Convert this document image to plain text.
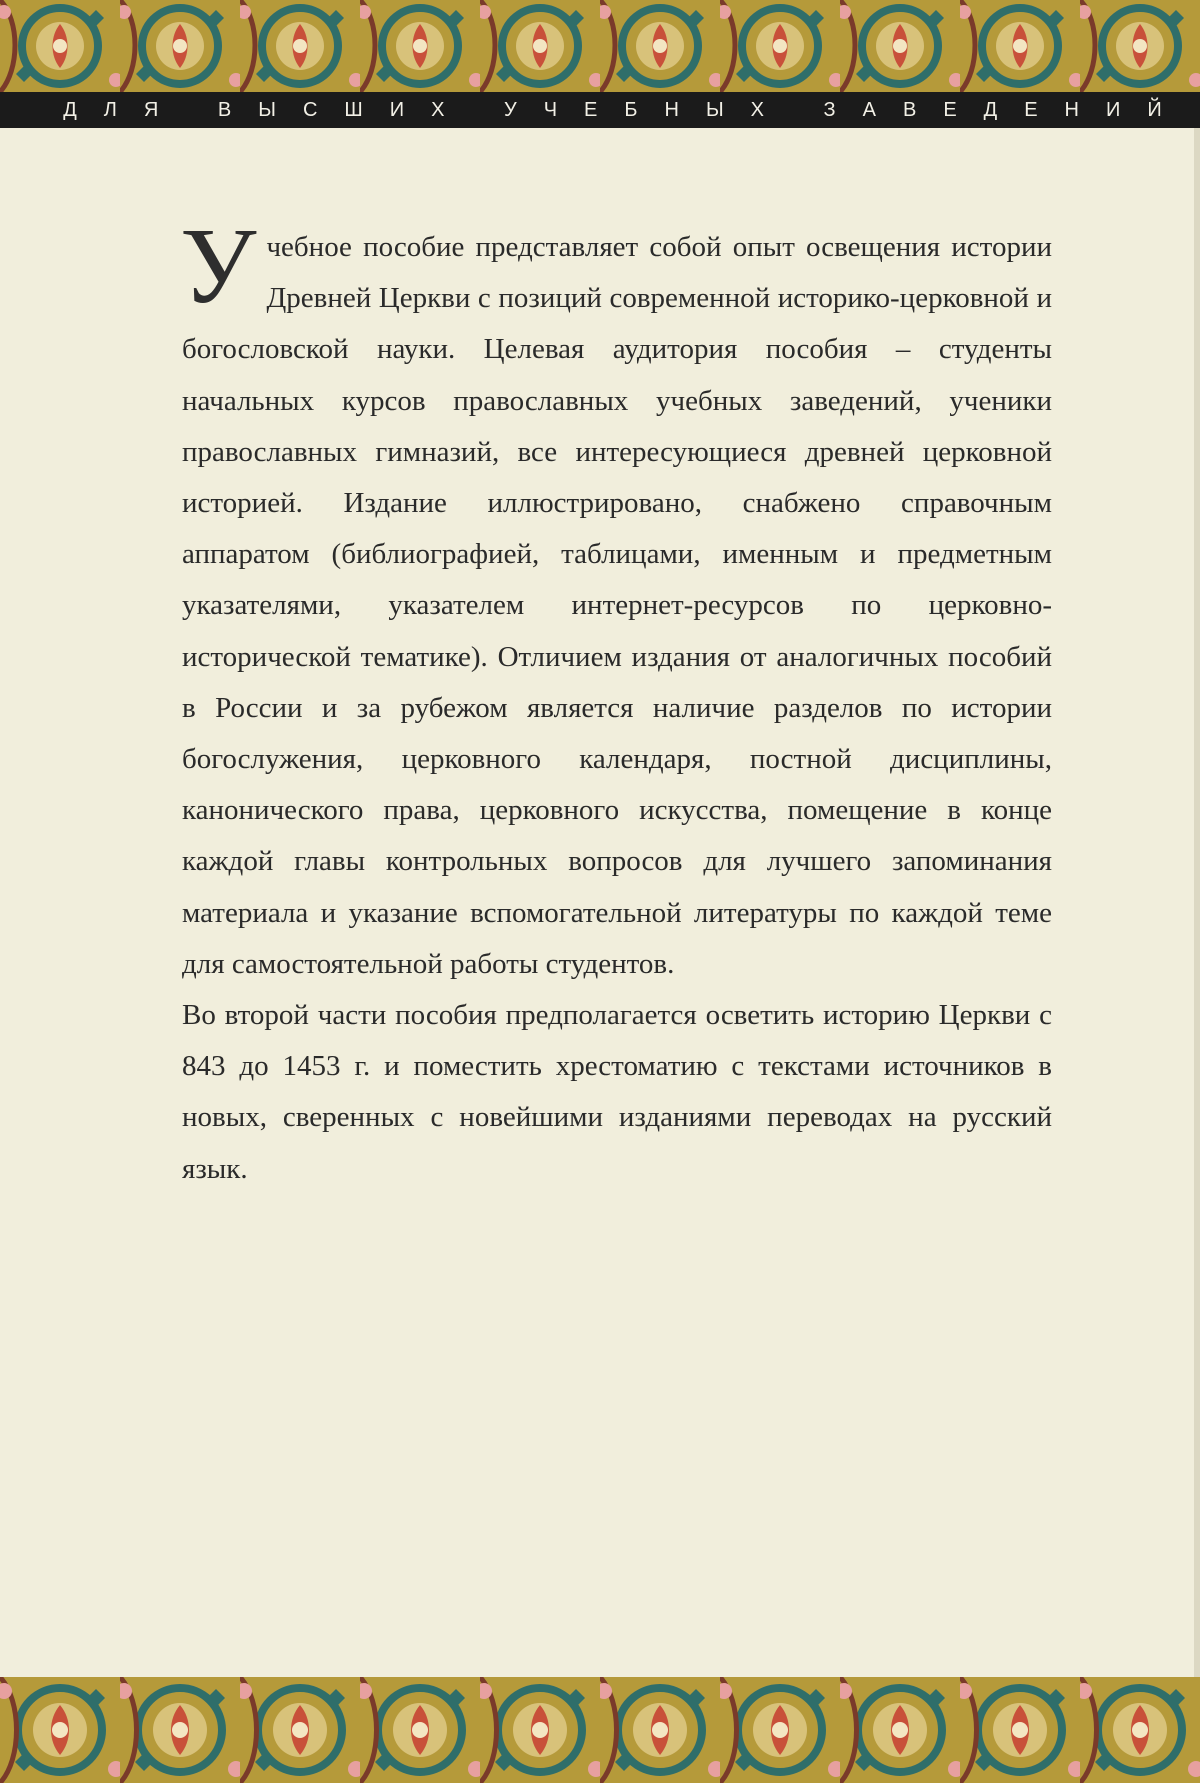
ДЛЯ ВЫСШИХ УЧЕБНЫХ ЗАВЕДЕНИЙ

Учебное пособие представляет собой опыт освещения истории Древней Церкви с позиций современной историко-церковной и богословской науки. Целевая аудитория пособия – студенты начальных курсов православных учебных заведений, ученики православных гимназий, все интересующиеся древней церковной историей. Издание иллюстрировано, снабжено справочным аппаратом (библиографией, таблицами, именным и предметным указателями, указателем интернет-ресурсов по церковно-исторической тематике). Отличием издания от аналогичных пособий в России и за рубежом является наличие разделов по истории богослужения, церковного календаря, постной дисциплины, канонического права, церковного искусства, помещение в конце каждой главы контрольных вопросов для лучшего запоминания материала и указание вспомогательной литературы по каждой теме для самостоятельной работы студентов.

Во второй части пособия предполагается осветить историю Церкви с 843 до 1453 г. и поместить хрестоматию с текстами источников в новых, сверенных с новейшими изданиями переводах на русский язык.
